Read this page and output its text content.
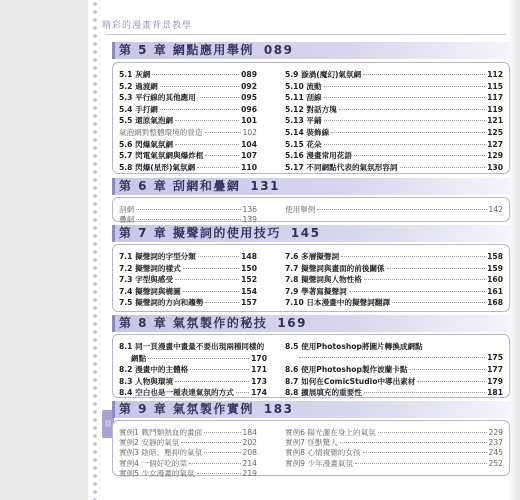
精彩的漫畫背景教學
目錄
第 5 章 網點應用舉例 089
5.1 灰網	089
5.2 過渡網	092
5.3 平行線的其他應用	095
5.4 手打網	096
5.5 還原氣泡網	101
氣泡網對整體環境的營造	102
5.6 閃爆氣氛網	104
5.7 閃電氣氛網與爆炸框	107
5.8 閃爆(星形)氣氛網	110
5.9 漩渦(魔幻)氣氛網	112
5.10 流動	115
5.11 刮線	117
5.12 對話方塊	119
5.13 平鋪	121
5.14 裝飾線	125
5.15 花朵	127
5.16 漫畫常用花語	129
5.17 不同網點代表的氣氛形容詞	130
第 6 章 刮網和疊網 131
刮網	136
疊網	139
使用舉例	142
第 7 章 擬聲詞的使用技巧 145
7.1 擬聲詞的字型分類	148
7.2 擬聲詞的樣式	150
7.3 字型與感受	152
7.4 擬聲詞與構圖	154
7.5 擬聲詞的方向和趨勢	157
7.6 多層擬聲詞	158
7.7 擬聲詞與畫面的前後關係	159
7.8 擬聲詞與人物性格	160
7.9 學著寫擬聲詞	161
7.10 日本漫畫中的擬聲詞翻譯	168
第 8 章 氣氛製作的秘技 169
8.1 同一頁漫畫中畫量不要出現兩種同樣的
網點	170
8.2 漫畫中的主體格	171
8.3 人物與環境	173
8.4 空白也是一種表達氣氛的方式 174
8.5 使用Photoshop將圖片轉換成網點
175
8.6 使用Photoshop製作波蘭卡點	177
8.7 如何在ComicStudio中導出素材	179
8.8 擴展填充的重要性	181
第 9 章 氣氛製作實例 183
實例1 戰鬥類熱血的畫面	184
實例2 安靜的氣氛	202
實例3 陰暗、壓抑的氣氛	208
實例4 一個好吃的菜	214
實例5 少女漫畫的氣氛	219
實例6 陽光灑在身上的氣氛	229
實例7 怪獸驚人	237
實例8 心情複雜的女孩	245
實例9 少年漫畫氣氛	252
